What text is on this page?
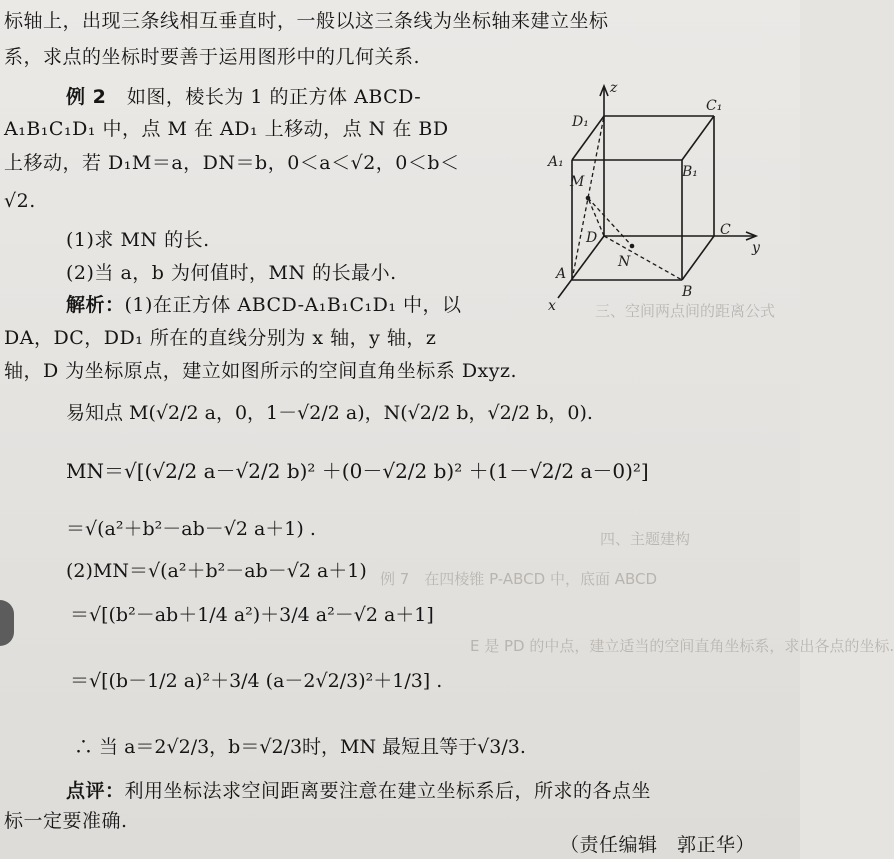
三、空间两点间的距离公式
四、主题建构
例 7　在四棱锥 P-ABCD 中，底面 ABCD
E 是 PD 的中点，建立适当的空间直角坐标系，求出各点的坐标.
标轴上，出现三条线相互垂直时，一般以这三条线为坐标轴来建立坐标
系，求点的坐标时要善于运用图形中的几何关系.
例 2 如图，棱长为 1 的正方体 ABCD-
A₁B₁C₁D₁ 中，点 M 在 AD₁ 上移动，点 N 在 BD
上移动，若 D₁M＝a，DN＝b，0＜a＜√2，0＜b＜
√2.
(1)求 MN 的长.
(2)当 a，b 为何值时，MN 的长最小.
解析：(1)在正方体 ABCD-A₁B₁C₁D₁ 中，以
DA，DC，DD₁ 所在的直线分别为 x 轴，y 轴，z
轴，D 为坐标原点，建立如图所示的空间直角坐标系 Dxyz.
易知点 M(√2/2 a，0，1－√2/2 a)，N(√2/2 b，√2/2 b，0).
MN＝√[(√2/2 a－√2/2 b)² ＋(0－√2/2 b)² ＋(1－√2/2 a－0)²]
＝√(a²＋b²－ab－√2 a＋1) .
(2)MN＝√(a²＋b²－ab－√2 a＋1)
＝√[(b²－ab＋1/4 a²)＋3/4 a²－√2 a＋1]
＝√[(b－1/2 a)²＋3/4 (a－2√2/3)²＋1/3] .
∴ 当 a＝2√2/3，b＝√2/3时，MN 最短且等于√3/3.
点评：利用坐标法求空间距离要注意在建立坐标系后，所求的各点坐
标一定要准确.
（责任编辑　郭正华）
z
D₁
C₁
A₁
B₁
M
D	C
y
N
A
B
x
